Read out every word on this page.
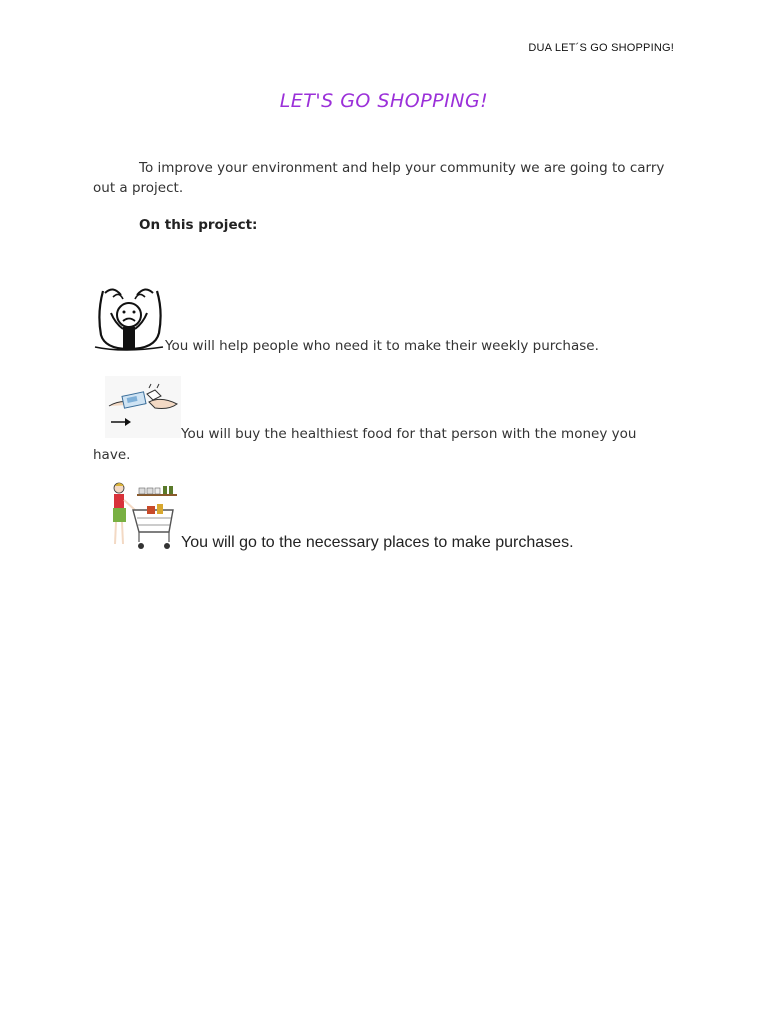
DUA LET´S GO SHOPPING!
LET'S GO SHOPPING!
To improve your environment and help your community we are going to carry out a project.
On this project:
You will help people who need it to make their weekly purchase.
You will buy the healthiest food for that person with the money you
have.
You will go to the necessary places to make purchases.
